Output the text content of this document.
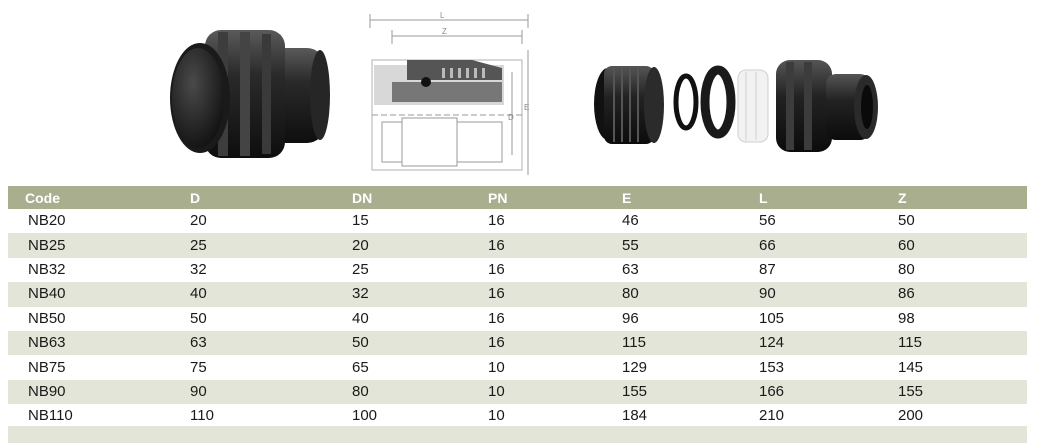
L
Z
D
E
Code	D	DN	PN	E	L	Z
NB20	20	15	16	46	56	50
NB25	25	20	16	55	66	60
NB32	32	25	16	63	87	80
NB40	40	32	16	80	90	86
NB50	50	40	16	96	105	98
NB63	63	50	16	115	124	115
NB75	75	65	10	129	153	145
NB90	90	80	10	155	166	155
NB110	110	100	10	184	210	200
